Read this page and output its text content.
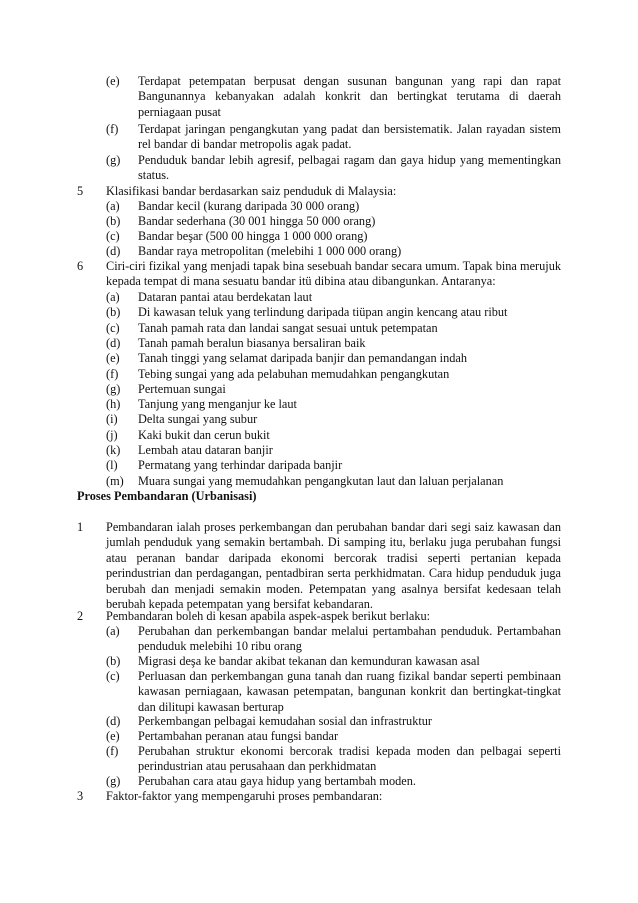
(e) Terdapat petempatan berpusat dengan susunan bangunan yang rapi dan rapat Bangunannya kebanyakan adalah konkrit dan bertingkat terutama di daerah perniagaan pusat
(f) Terdapat jaringan pengangkutan yang padat dan bersistematik. Jalan rayadan sistem rel bandar di bandar metropolis agak padat.
(g) Penduduk bandar lebih agresif, pelbagai ragam dan gaya hidup yang mementingkan status.
5	Klasifikasi bandar berdasarkan saiz penduduk di Malaysia:
(a) Bandar kecil (kurang daripada 30 000 orang)
(b) Bandar sederhana (30 001 hingga 50 000 orang)
(c) Bandar beşar (500 00 hingga 1 000 000 orang)
(d) Bandar raya metropolitan (melebihi 1 000 000 orang)
6	Ciri-ciri fizikal yang menjadi tapak bina sesebuah bandar secara umum. Tapak bina merujuk kepada tempat di mana sesuatu bandar itü dibina atau dibangunkan. Antaranya:
(a) Dataran pantai atau berdekatan laut
(b) Di kawasan teluk yang terlindung daripada tiüpan angin kencang atau ribut
(c) Tanah pamah rata dan landai sangat sesuai untuk petempatan
(d) Tanah pamah beralun biasanya bersaliran baik
(e) Tanah tinggi yang selamat daripada banjir dan pemandangan indah
(f) Tebing sungai yang ada pelabuhan memudahkan pengangkutan
(g) Pertemuan sungai
(h) Tanjung yang menganjur ke laut
(i) Delta sungai yang subur
(j) Kaki bukit dan cerun bukit
(k) Lembah atau dataran banjir
(l) Permatang yang terhindar daripada banjir
(m) Muara sungai yang memudahkan pengangkutan laut dan laluan perjalanan
Proses Pembandaran (Urbanisasi)
1	Pembandaran ialah proses perkembangan dan perubahan bandar dari segi saiz kawasan dan jumlah penduduk yang semakin bertambah. Di samping itu, berlaku juga perubahan fungsi atau peranan bandar daripada ekonomi bercorak tradisi seperti pertanian kepada perindustrian dan perdagangan, pentadbiran serta perkhidmatan. Cara hidup penduduk juga berubah dan menjadi semakin moden. Petempatan yang asalnya bersifat kedesaan telah berubah kepada petempatan yang bersifat kebandaran.
2	Pembandaran boleh di kesan apabila aspek-aspek berikut berlaku:
(a) Perubahan dan perkembangan bandar melalui pertambahan penduduk. Pertambahan penduduk melebihi 10 ribu orang
(b) Migrasi deşa ke bandar akibat tekanan dan kemunduran kawasan asal
(c) Perluasan dan perkembangan guna tanah dan ruang fizikal bandar seperti pembinaan kawasan perniagaan, kawasan petempatan, bangunan konkrit dan bertingkat-tingkat dan dilitupi kawasan berturap
(d) Perkembangan pelbagai kemudahan sosial dan infrastruktur
(e) Pertambahan peranan atau fungsi bandar
(f) Perubahan struktur ekonomi bercorak tradisi kepada moden dan pelbagai seperti perindustrian atau perusahaan dan perkhidmatan
(g) Perubahan cara atau gaya hidup yang bertambah moden.
3	Faktor-faktor yang mempengaruhi proses pembandaran:
